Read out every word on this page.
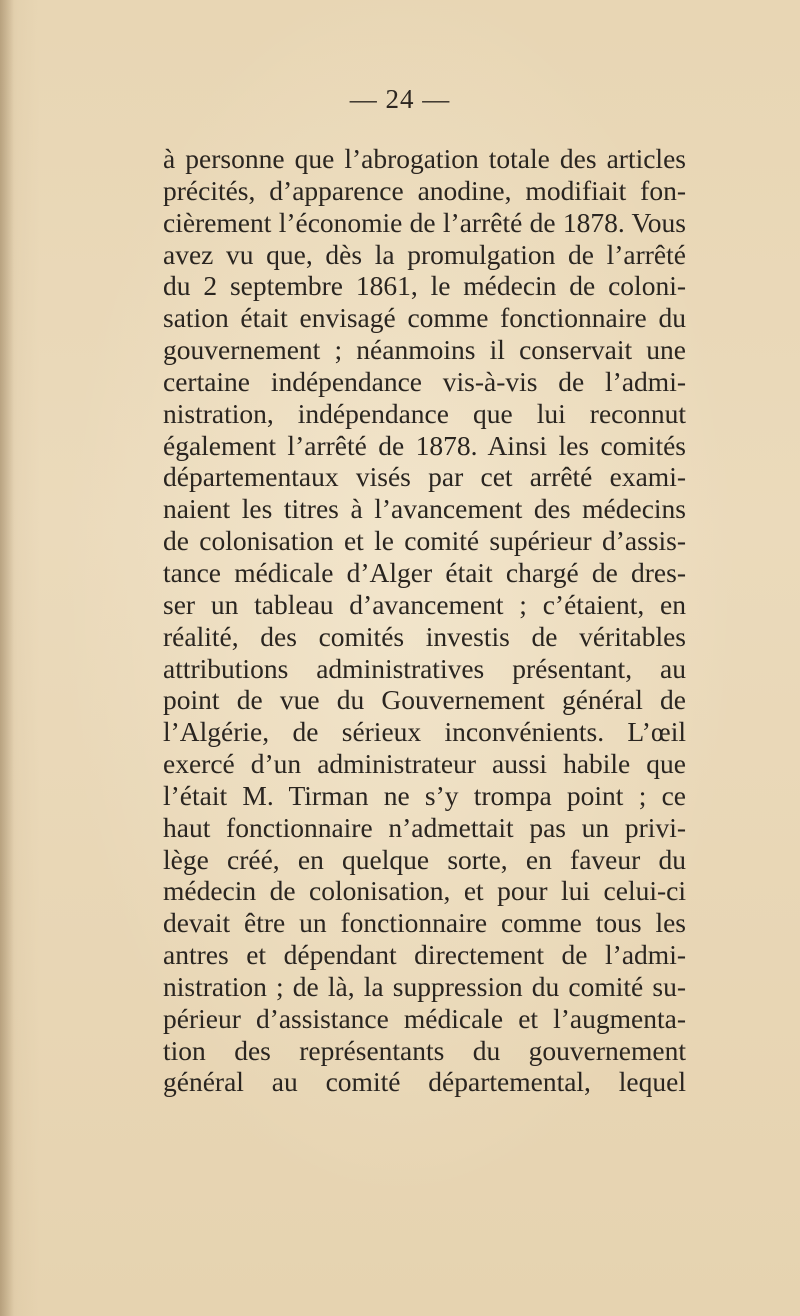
— 24 —
à personne que l’abrogation totale des articles
précités, d’apparence anodine, modifiait fon-
cièrement l’économie de l’arrêté de 1878. Vous
avez vu que, dès la promulgation de l’arrêté
du 2 septembre 1861, le médecin de coloni-
sation était envisagé comme fonctionnaire du
gouvernement ; néanmoins il conservait une
certaine indépendance vis-à-vis de l’admi-
nistration, indépendance que lui reconnut
également l’arrêté de 1878. Ainsi les comités
départementaux visés par cet arrêté exami-
naient les titres à l’avancement des médecins
de colonisation et le comité supérieur d’assis-
tance médicale d’Alger était chargé de dres-
ser un tableau d’avancement ; c’étaient, en
réalité, des comités investis de véritables
attributions administratives présentant, au
point de vue du Gouvernement général de
l’Algérie, de sérieux inconvénients. L’œil
exercé d’un administrateur aussi habile que
l’était M. Tirman ne s’y trompa point ; ce
haut fonctionnaire n’admettait pas un privi-
lège créé, en quelque sorte, en faveur du
médecin de colonisation, et pour lui celui-ci
devait être un fonctionnaire comme tous les
antres et dépendant directement de l’admi-
nistration ; de là, la suppression du comité su-
périeur d’assistance médicale et l’augmenta-
tion des représentants du gouvernement
général au comité départemental, lequel
